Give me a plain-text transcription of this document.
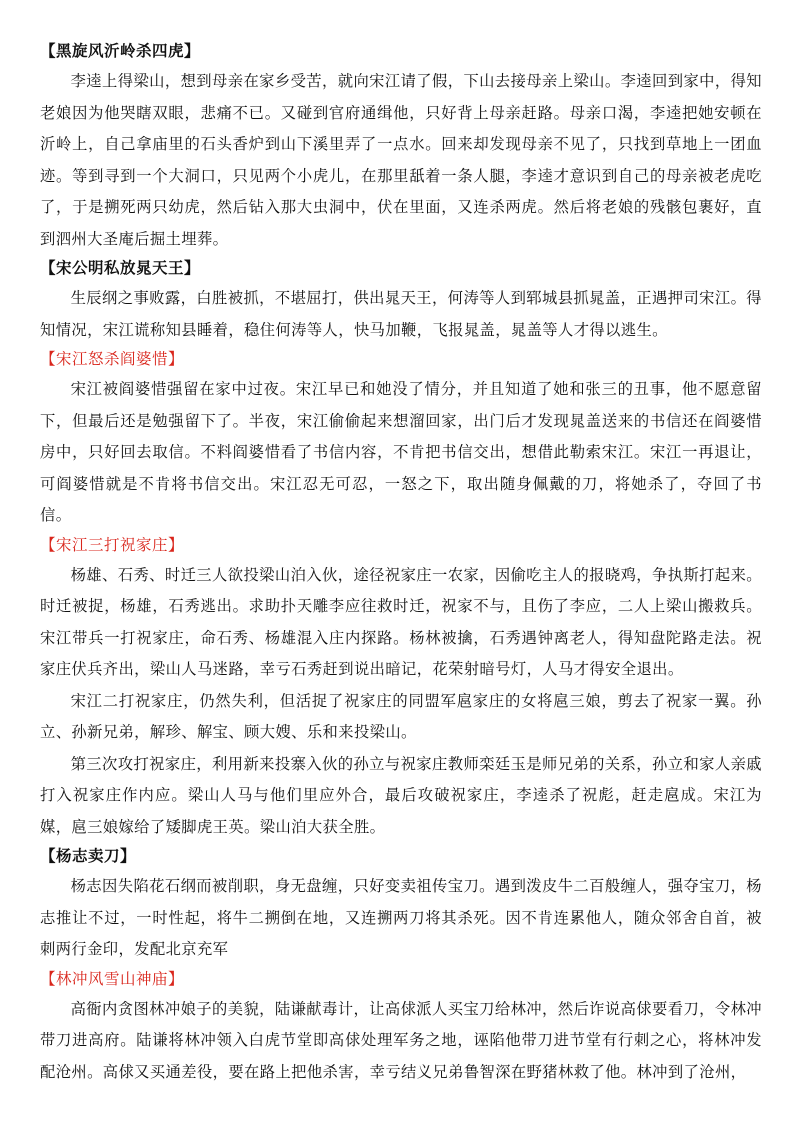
【黑旋风沂岭杀四虎】

李逵上得梁山，想到母亲在家乡受苦，就向宋江请了假，下山去接母亲上梁山。李逵回到家中，得知老娘因为他哭瞎双眼，悲痛不已。又碰到官府通缉他，只好背上母亲赶路。母亲口渴，李逵把她安顿在沂岭上，自己拿庙里的石头香炉到山下溪里弄了一点水。回来却发现母亲不见了，只找到草地上一团血迹。等到寻到一个大洞口，只见两个小虎儿，在那里舐着一条人腿，李逵才意识到自己的母亲被老虎吃了，于是搠死两只幼虎，然后钻入那大虫洞中，伏在里面，又连杀两虎。然后将老娘的残骸包裹好，直到泗州大圣庵后掘土埋葬。

【宋公明私放晁天王】

生辰纲之事败露，白胜被抓，不堪屈打，供出晁天王，何涛等人到郓城县抓晁盖，正遇押司宋江。得知情况，宋江谎称知县睡着，稳住何涛等人，快马加鞭，飞报晁盖，晁盖等人才得以逃生。

【宋江怒杀阎婆惜】

宋江被阎婆惜强留在家中过夜。宋江早已和她没了情分，并且知道了她和张三的丑事，他不愿意留下，但最后还是勉强留下了。半夜，宋江偷偷起来想溜回家，出门后才发现晁盖送来的书信还在阎婆惜房中，只好回去取信。不料阎婆惜看了书信内容，不肯把书信交出，想借此勒索宋江。宋江一再退让，可阎婆惜就是不肯将书信交出。宋江忍无可忍，一怒之下，取出随身佩戴的刀，将她杀了，夺回了书信。

【宋江三打祝家庄】

杨雄、石秀、时迁三人欲投梁山泊入伙，途径祝家庄一农家，因偷吃主人的报晓鸡，争执斯打起来。时迁被捉，杨雄，石秀逃出。求助扑天雕李应往救时迁，祝家不与，且伤了李应，二人上梁山搬救兵。宋江带兵一打祝家庄，命石秀、杨雄混入庄内探路。杨林被擒，石秀遇钟离老人，得知盘陀路走法。祝家庄伏兵齐出，梁山人马迷路，幸亏石秀赶到说出暗记，花荣射暗号灯，人马才得安全退出。

宋江二打祝家庄，仍然失利，但活捉了祝家庄的同盟军扈家庄的女将扈三娘，剪去了祝家一翼。孙立、孙新兄弟，解珍、解宝、顾大嫂、乐和来投梁山。

第三次攻打祝家庄，利用新来投寨入伙的孙立与祝家庄教师栾廷玉是师兄弟的关系，孙立和家人亲戚打入祝家庄作内应。梁山人马与他们里应外合，最后攻破祝家庄，李逵杀了祝彪，赶走扈成。宋江为媒，扈三娘嫁给了矮脚虎王英。梁山泊大获全胜。

【杨志卖刀】

杨志因失陷花石纲而被削职，身无盘缠，只好变卖祖传宝刀。遇到泼皮牛二百般缠人，强夺宝刀，杨志推让不过，一时性起，将牛二搠倒在地，又连搠两刀将其杀死。因不肯连累他人，随众邻舍自首，被刺两行金印，发配北京充军

【林冲风雪山神庙】

高衙内贪图林冲娘子的美貌，陆谦献毒计，让高俅派人买宝刀给林冲，然后诈说高俅要看刀，令林冲带刀进高府。陆谦将林冲领入白虎节堂即高俅处理军务之地，诬陷他带刀进节堂有行刺之心，将林冲发配沧州。高俅又买通差役，要在路上把他杀害，幸亏结义兄弟鲁智深在野猪林救了他。林冲到了沧州，
